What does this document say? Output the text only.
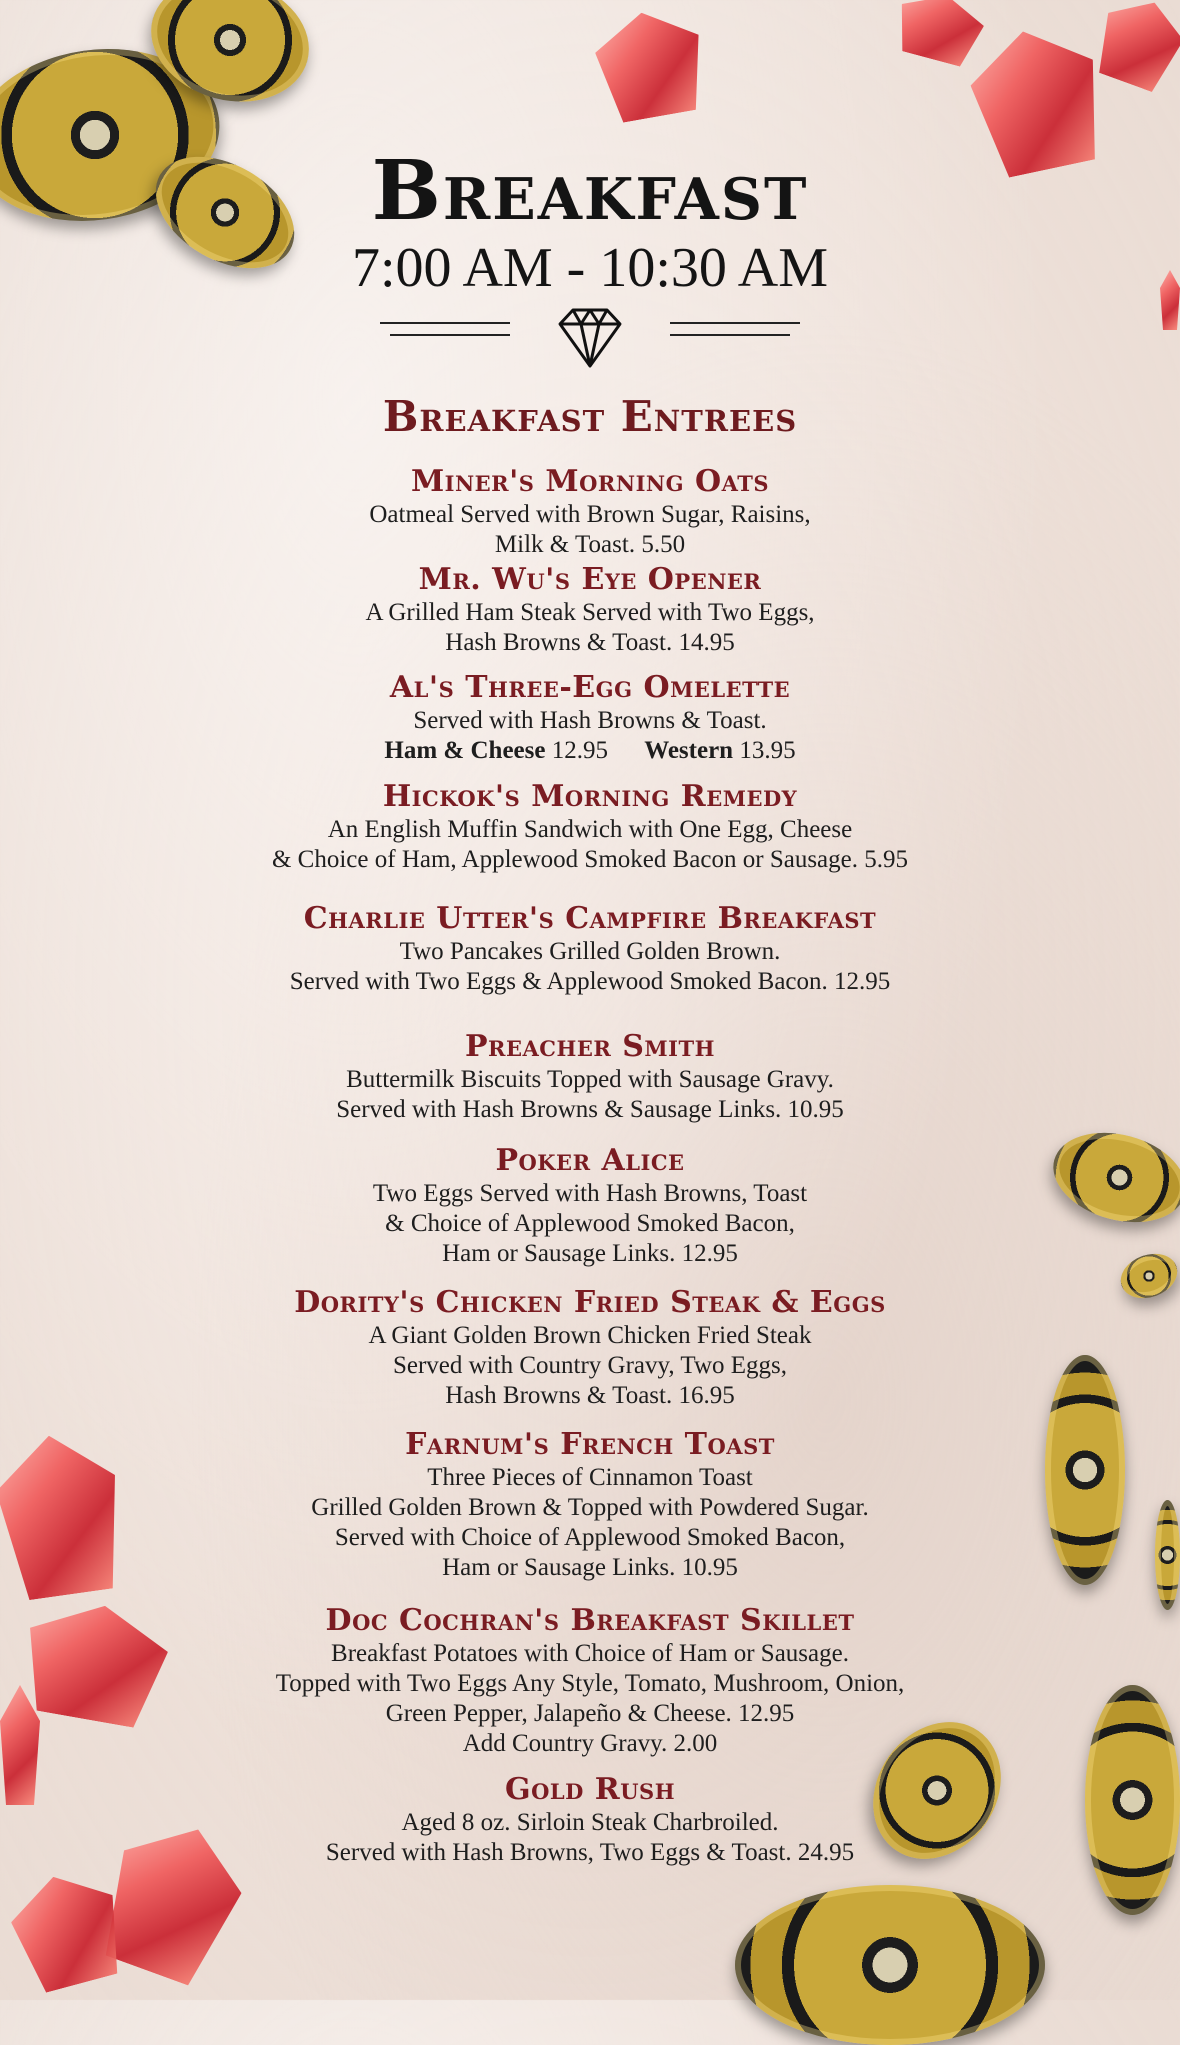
Breakfast
7:00 AM - 10:30 AM
Breakfast Entrees
Miner's Morning Oats
Oatmeal Served with Brown Sugar, Raisins,
Milk & Toast. 5.50
Mr. Wu's Eye Opener
A Grilled Ham Steak Served with Two Eggs,
Hash Browns & Toast. 14.95
Al's Three-Egg Omelette
Served with Hash Browns & Toast.
Ham & Cheese 12.95 Western 13.95
Hickok's Morning Remedy
An English Muffin Sandwich with One Egg, Cheese
& Choice of Ham, Applewood Smoked Bacon or Sausage. 5.95
Charlie Utter's Campfire Breakfast
Two Pancakes Grilled Golden Brown.
Served with Two Eggs & Applewood Smoked Bacon. 12.95
Preacher Smith
Buttermilk Biscuits Topped with Sausage Gravy.
Served with Hash Browns & Sausage Links. 10.95
Poker Alice
Two Eggs Served with Hash Browns, Toast
& Choice of Applewood Smoked Bacon,
Ham or Sausage Links. 12.95
Dority's Chicken Fried Steak & Eggs
A Giant Golden Brown Chicken Fried Steak
Served with Country Gravy, Two Eggs,
Hash Browns & Toast. 16.95
Farnum's French Toast
Three Pieces of Cinnamon Toast
Grilled Golden Brown & Topped with Powdered Sugar.
Served with Choice of Applewood Smoked Bacon,
Ham or Sausage Links. 10.95
Doc Cochran's Breakfast Skillet
Breakfast Potatoes with Choice of Ham or Sausage.
Topped with Two Eggs Any Style, Tomato, Mushroom, Onion,
Green Pepper, Jalapeño & Cheese. 12.95
Add Country Gravy. 2.00
Gold Rush
Aged 8 oz. Sirloin Steak Charbroiled.
Served with Hash Browns, Two Eggs & Toast. 24.95
